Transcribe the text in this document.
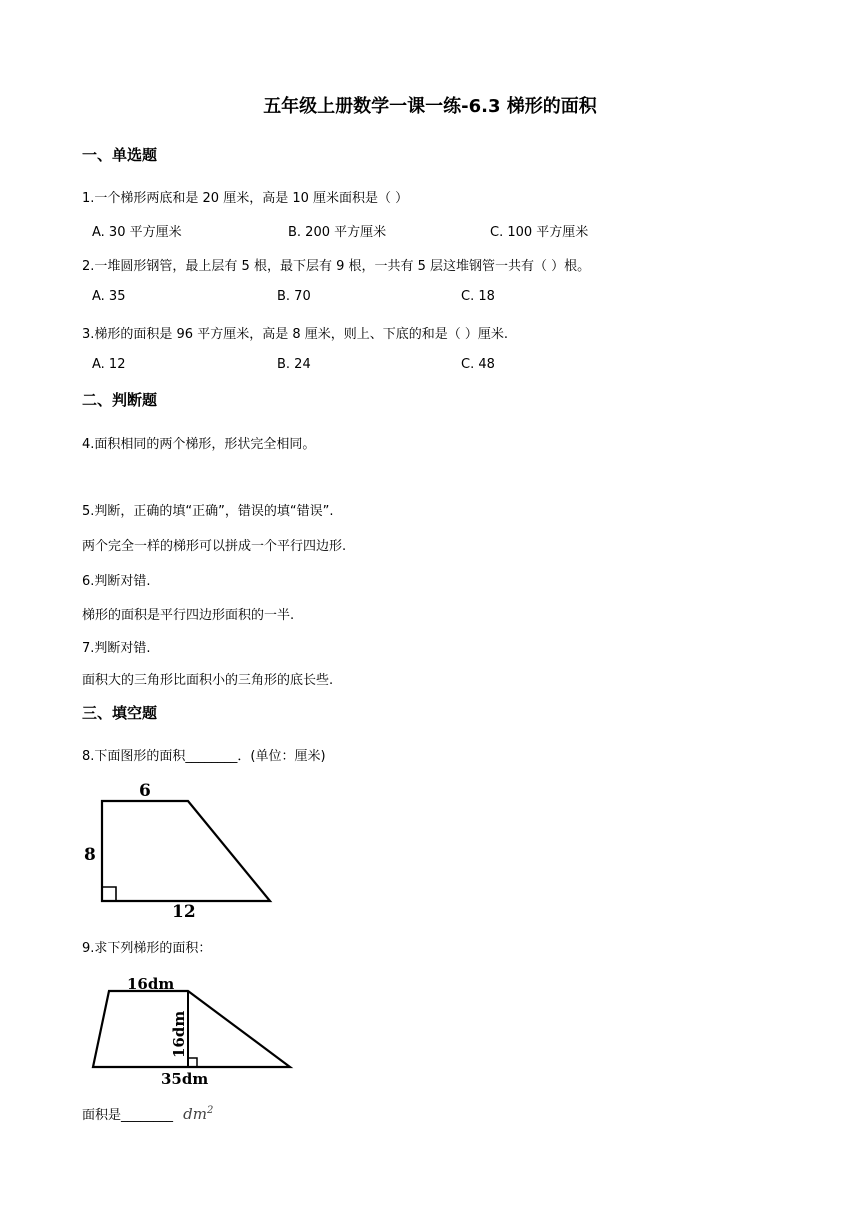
五年级上册数学一课一练-6.3 梯形的面积
一、单选题
1.一个梯形两底和是 20 厘米，高是 10 厘米面积是（ ）
A. 30 平方厘米	B. 200 平方厘米	C. 100 平方厘米
2.一堆圆形钢管，最上层有 5 根，最下层有 9 根，一共有 5 层这堆钢管一共有（ ）根。
A. 35	B. 70	C. 18
3.梯形的面积是 96 平方厘米，高是 8 厘米，则上、下底的和是（ ）厘米.
A. 12	B. 24	C. 48
二、判断题
4.面积相同的两个梯形，形状完全相同。
5.判断，正确的填“正确”，错误的填“错误”.
两个完全一样的梯形可以拼成一个平行四边形.
6.判断对错.
梯形的面积是平行四边形面积的一半.
7.判断对错.
面积大的三角形比面积小的三角形的底长些.
三、填空题
8.下面图形的面积________．(单位：厘米)
6
8
12
9.求下列梯形的面积：
16dm
16dm
35dm
面积是________ $dm^2$
